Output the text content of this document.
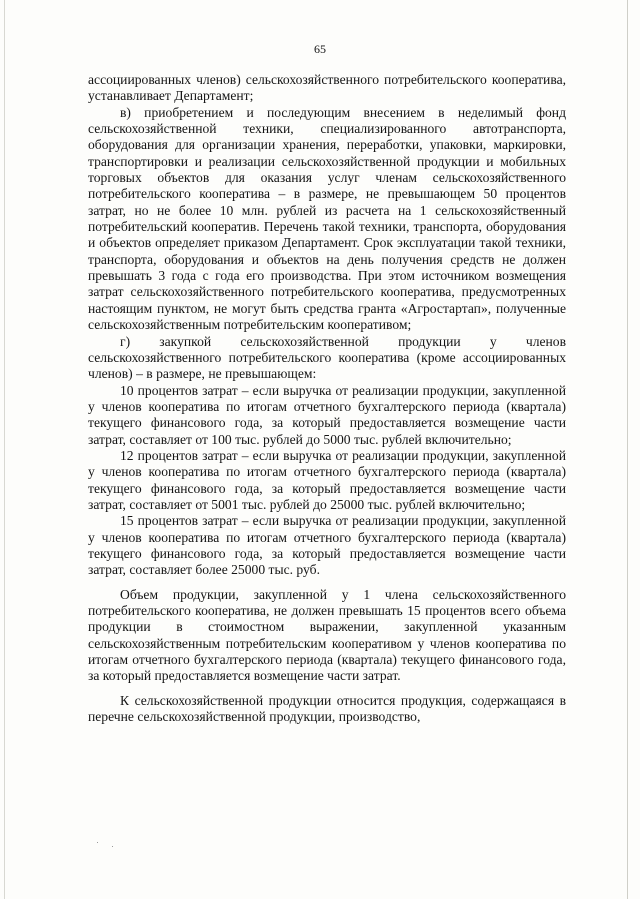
65

ассоциированных членов) сельскохозяйственного потребительского кооператива, устанавливает Департамент;

в) приобретением и последующим внесением в неделимый фонд сельскохозяйственной техники, специализированного автотранспорта, оборудования для организации хранения, переработки, упаковки, маркировки, транспортировки и реализации сельскохозяйственной продукции и мобильных торговых объектов для оказания услуг членам сельскохозяйственного потребительского кооператива – в размере, не превышающем 50 процентов затрат, но не более 10 млн. рублей из расчета на 1 сельскохозяйственный потребительский кооператив. Перечень такой техники, транспорта, оборудования и объектов определяет приказом Департамент. Срок эксплуатации такой техники, транспорта, оборудования и объектов на день получения средств не должен превышать 3 года с года его производства. При этом источником возмещения затрат сельскохозяйственного потребительского кооператива, предусмотренных настоящим пунктом, не могут быть средства гранта «Агростартап», полученные сельскохозяйственным потребительским кооперативом;

г) закупкой сельскохозяйственной продукции у членов сельскохозяйственного потребительского кооператива (кроме ассоциированных членов) – в размере, не превышающем:

10 процентов затрат – если выручка от реализации продукции, закупленной у членов кооператива по итогам отчетного бухгалтерского периода (квартала) текущего финансового года, за который предоставляется возмещение части затрат, составляет от 100 тыс. рублей до 5000 тыс. рублей включительно;

12 процентов затрат – если выручка от реализации продукции, закупленной у членов кооператива по итогам отчетного бухгалтерского периода (квартала) текущего финансового года, за который предоставляется возмещение части затрат, составляет от 5001 тыс. рублей до 25000 тыс. рублей включительно;

15 процентов затрат – если выручка от реализации продукции, закупленной у членов кооператива по итогам отчетного бухгалтерского периода (квартала) текущего финансового года, за который предоставляется возмещение части затрат, составляет более 25000 тыс. руб.

Объем продукции, закупленной у 1 члена сельскохозяйственного потребительского кооператива, не должен превышать 15 процентов всего объема продукции в стоимостном выражении, закупленной указанным сельскохозяйственным потребительским кооперативом у членов кооператива по итогам отчетного бухгалтерского периода (квартала) текущего финансового года, за который предоставляется возмещение части затрат.

К сельскохозяйственной продукции относится продукция, содержащаяся в перечне сельскохозяйственной продукции, производство,
